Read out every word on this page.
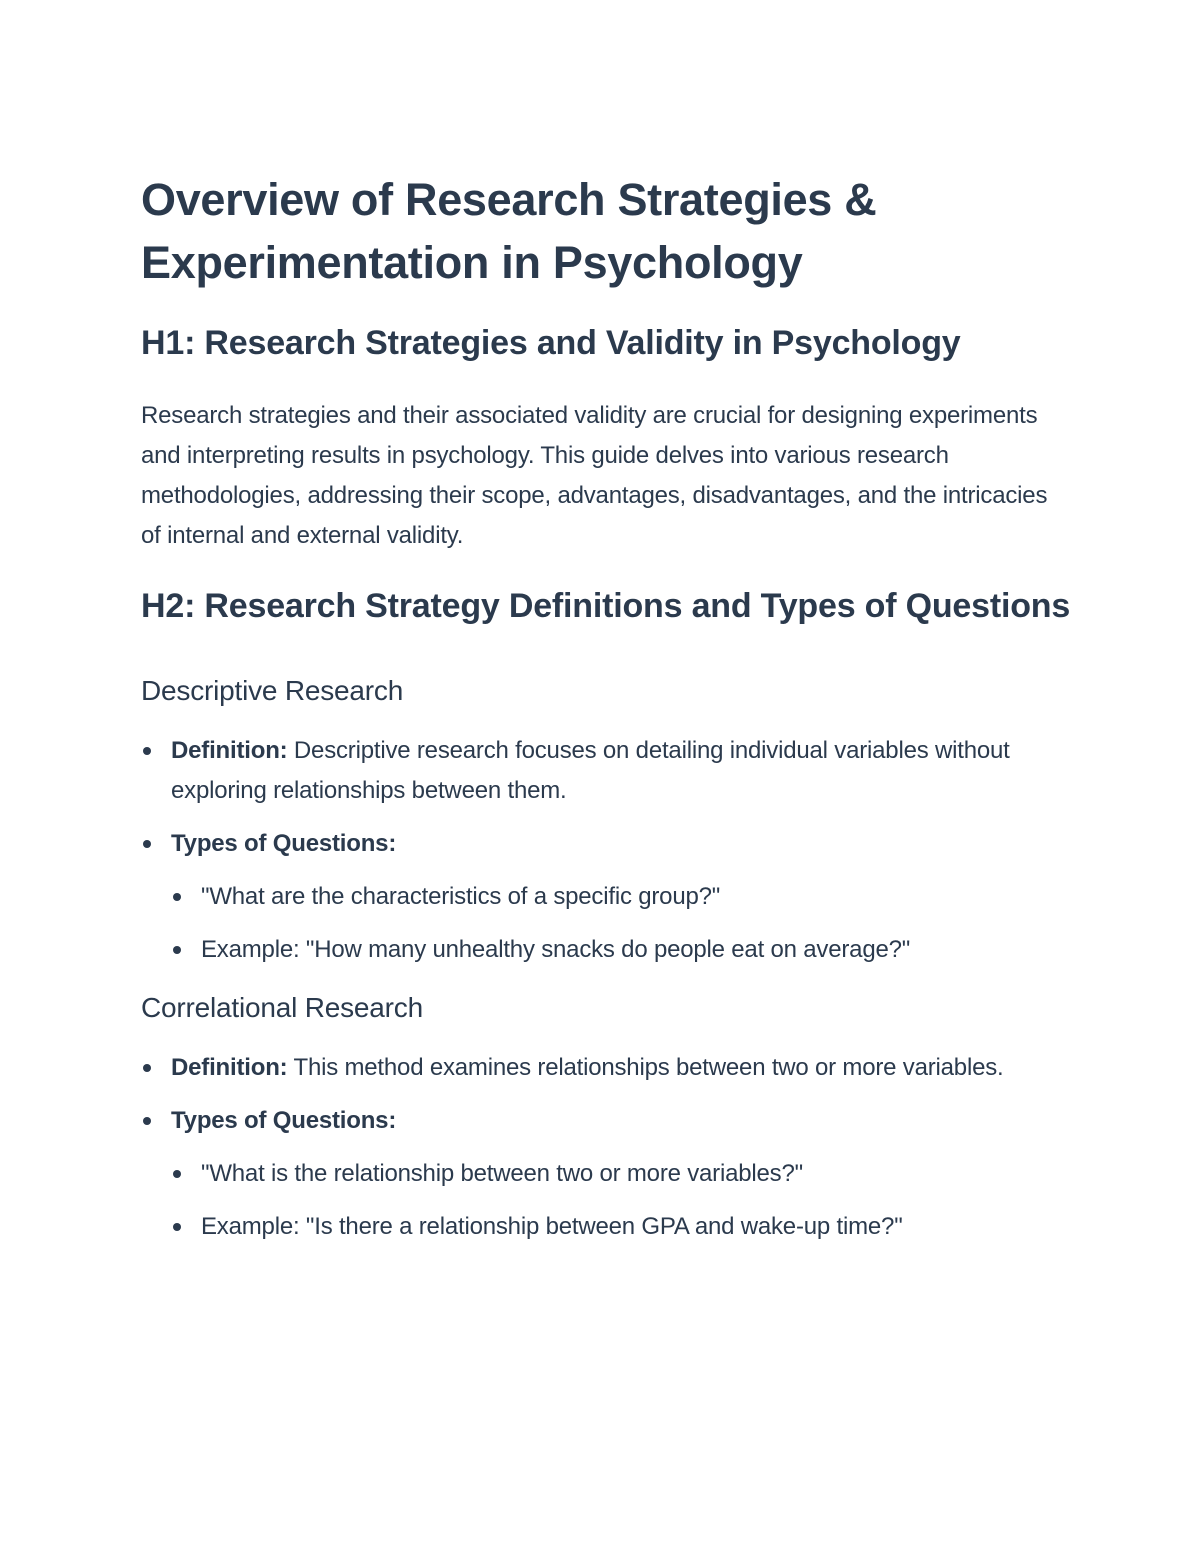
Overview of Research Strategies & Experimentation in Psychology
H1: Research Strategies and Validity in Psychology

Research strategies and their associated validity are crucial for designing experiments and interpreting results in psychology. This guide delves into various research methodologies, addressing their scope, advantages, disadvantages, and the intricacies of internal and external validity.

H2: Research Strategy Definitions and Types of Questions
Descriptive Research
Definition: Descriptive research focuses on detailing individual variables without exploring relationships between them.
Types of Questions:
"What are the characteristics of a specific group?"
Example: "How many unhealthy snacks do people eat on average?"
Correlational Research
Definition: This method examines relationships between two or more variables.
Types of Questions:
"What is the relationship between two or more variables?"
Example: "Is there a relationship between GPA and wake-up time?"
